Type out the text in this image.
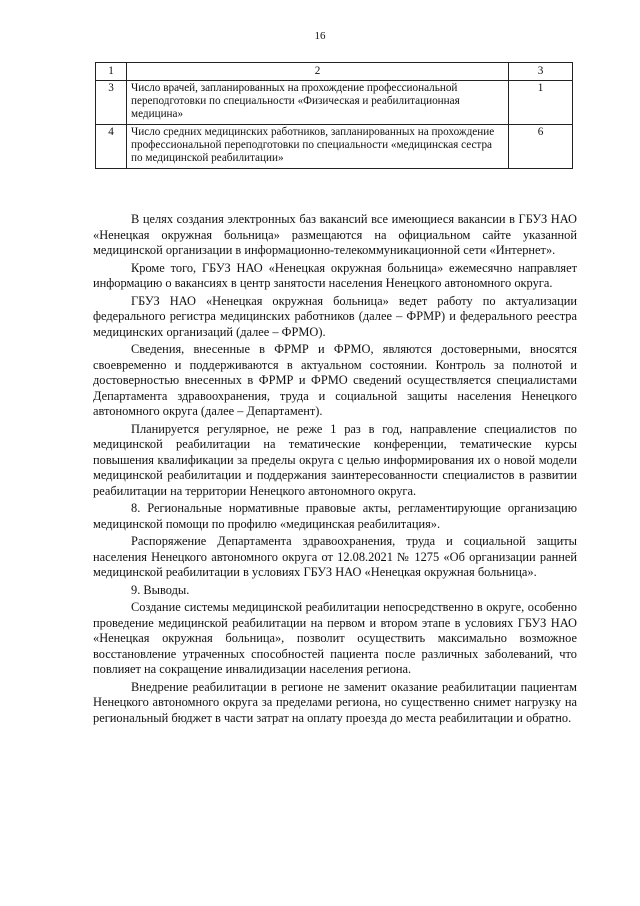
16
1	2	3
3	Число врачей, запланированных на прохождение профессиональной переподготовки по специальности «Физическая и реабилитационная медицина»	1
4	Число средних медицинских работников, запланированных на прохождение профессиональной переподготовки по специальности «медицинская сестра по медицинской реабилитации»	6

В целях создания электронных баз вакансий все имеющиеся вакансии в ГБУЗ НАО «Ненецкая окружная больница» размещаются на официальном сайте указанной медицинской организации в информационно-телекоммуникационной сети «Интернет».

Кроме того, ГБУЗ НАО «Ненецкая окружная больница» ежемесячно направляет информацию о вакансиях в центр занятости населения Ненецкого автономного округа.

ГБУЗ НАО «Ненецкая окружная больница» ведет работу по актуализации федерального регистра медицинских работников (далее – ФРМР) и федерального реестра медицинских организаций (далее – ФРМО).

Сведения, внесенные в ФРМР и ФРМО, являются достоверными, вносятся своевременно и поддерживаются в актуальном состоянии. Контроль за полнотой и достоверностью внесенных в ФРМР и ФРМО сведений осуществляется специалистами Департамента здравоохранения, труда и социальной защиты населения Ненецкого автономного округа (далее – Департамент).

Планируется регулярное, не реже 1 раз в год, направление специалистов по медицинской реабилитации на тематические конференции, тематические курсы повышения квалификации за пределы округа с целью информирования их о новой модели медицинской реабилитации и поддержания заинтересованности специалистов в развитии реабилитации на территории Ненецкого автономного округа.

8. Региональные нормативные правовые акты, регламентирующие организацию медицинской помощи по профилю «медицинская реабилитация».

Распоряжение Департамента здравоохранения, труда и социальной защиты населения Ненецкого автономного округа от 12.08.2021 № 1275 «Об организации ранней медицинской реабилитации в условиях ГБУЗ НАО «Ненецкая окружная больница».

9. Выводы.

Создание системы медицинской реабилитации непосредственно в округе, особенно проведение медицинской реабилитации на первом и втором этапе в условиях ГБУЗ НАО «Ненецкая окружная больница», позволит осуществить максимально возможное восстановление утраченных способностей пациента после различных заболеваний, что повлияет на сокращение инвалидизации населения региона.

Внедрение реабилитации в регионе не заменит оказание реабилитации пациентам Ненецкого автономного округа за пределами региона, но существенно снимет нагрузку на региональный бюджет в части затрат на оплату проезда до места реабилитации и обратно.
